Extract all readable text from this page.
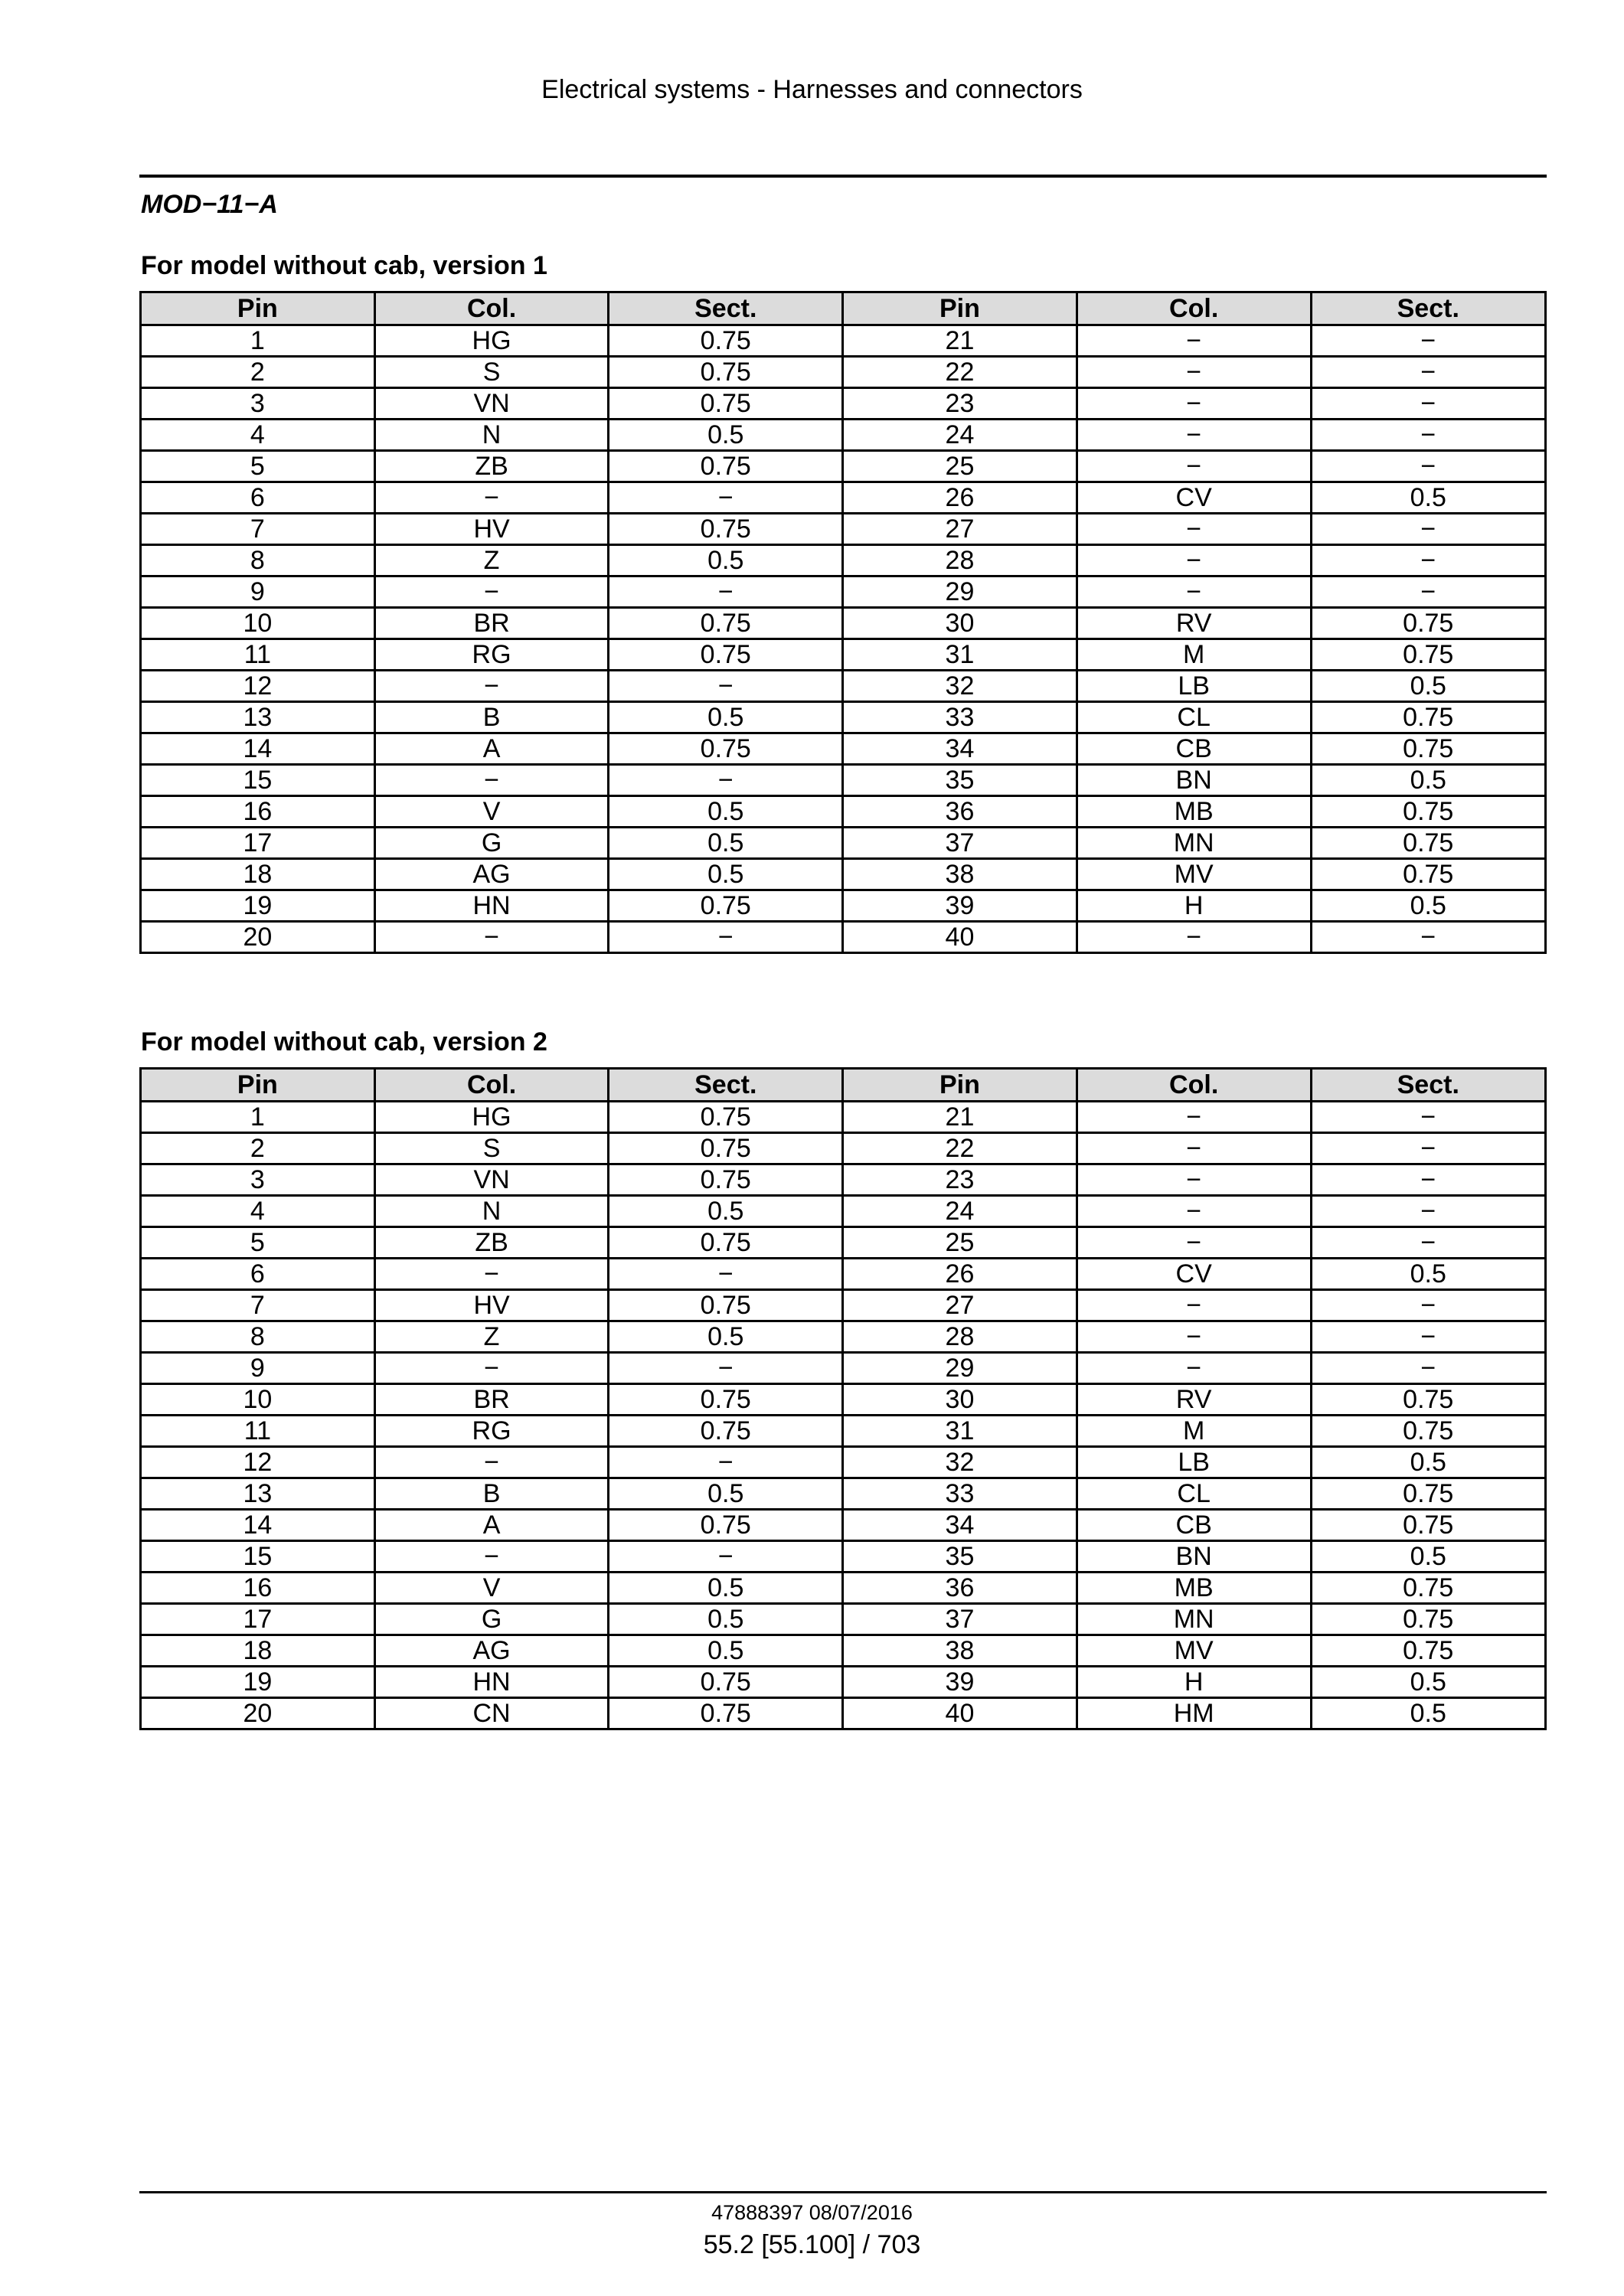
Electrical systems - Harnesses and connectors
MOD−11−A
For model without cab, version 1
Pin	Col.	Sect.	Pin	Col.	Sect.
1	HG	0.75	21	−	−
2	S	0.75	22	−	−
3	VN	0.75	23	−	−
4	N	0.5	24	−	−
5	ZB	0.75	25	−	−
6	−	−	26	CV	0.5
7	HV	0.75	27	−	−
8	Z	0.5	28	−	−
9	−	−	29	−	−
10	BR	0.75	30	RV	0.75
11	RG	0.75	31	M	0.75
12	−	−	32	LB	0.5
13	B	0.5	33	CL	0.75
14	A	0.75	34	CB	0.75
15	−	−	35	BN	0.5
16	V	0.5	36	MB	0.75
17	G	0.5	37	MN	0.75
18	AG	0.5	38	MV	0.75
19	HN	0.75	39	H	0.5
20	−	−	40	−	−
For model without cab, version 2
Pin	Col.	Sect.	Pin	Col.	Sect.
1	HG	0.75	21	−	−
2	S	0.75	22	−	−
3	VN	0.75	23	−	−
4	N	0.5	24	−	−
5	ZB	0.75	25	−	−
6	−	−	26	CV	0.5
7	HV	0.75	27	−	−
8	Z	0.5	28	−	−
9	−	−	29	−	−
10	BR	0.75	30	RV	0.75
11	RG	0.75	31	M	0.75
12	−	−	32	LB	0.5
13	B	0.5	33	CL	0.75
14	A	0.75	34	CB	0.75
15	−	−	35	BN	0.5
16	V	0.5	36	MB	0.75
17	G	0.5	37	MN	0.75
18	AG	0.5	38	MV	0.75
19	HN	0.75	39	H	0.5
20	CN	0.75	40	HM	0.5
47888397 08/07/2016
55.2 [55.100] / 703
